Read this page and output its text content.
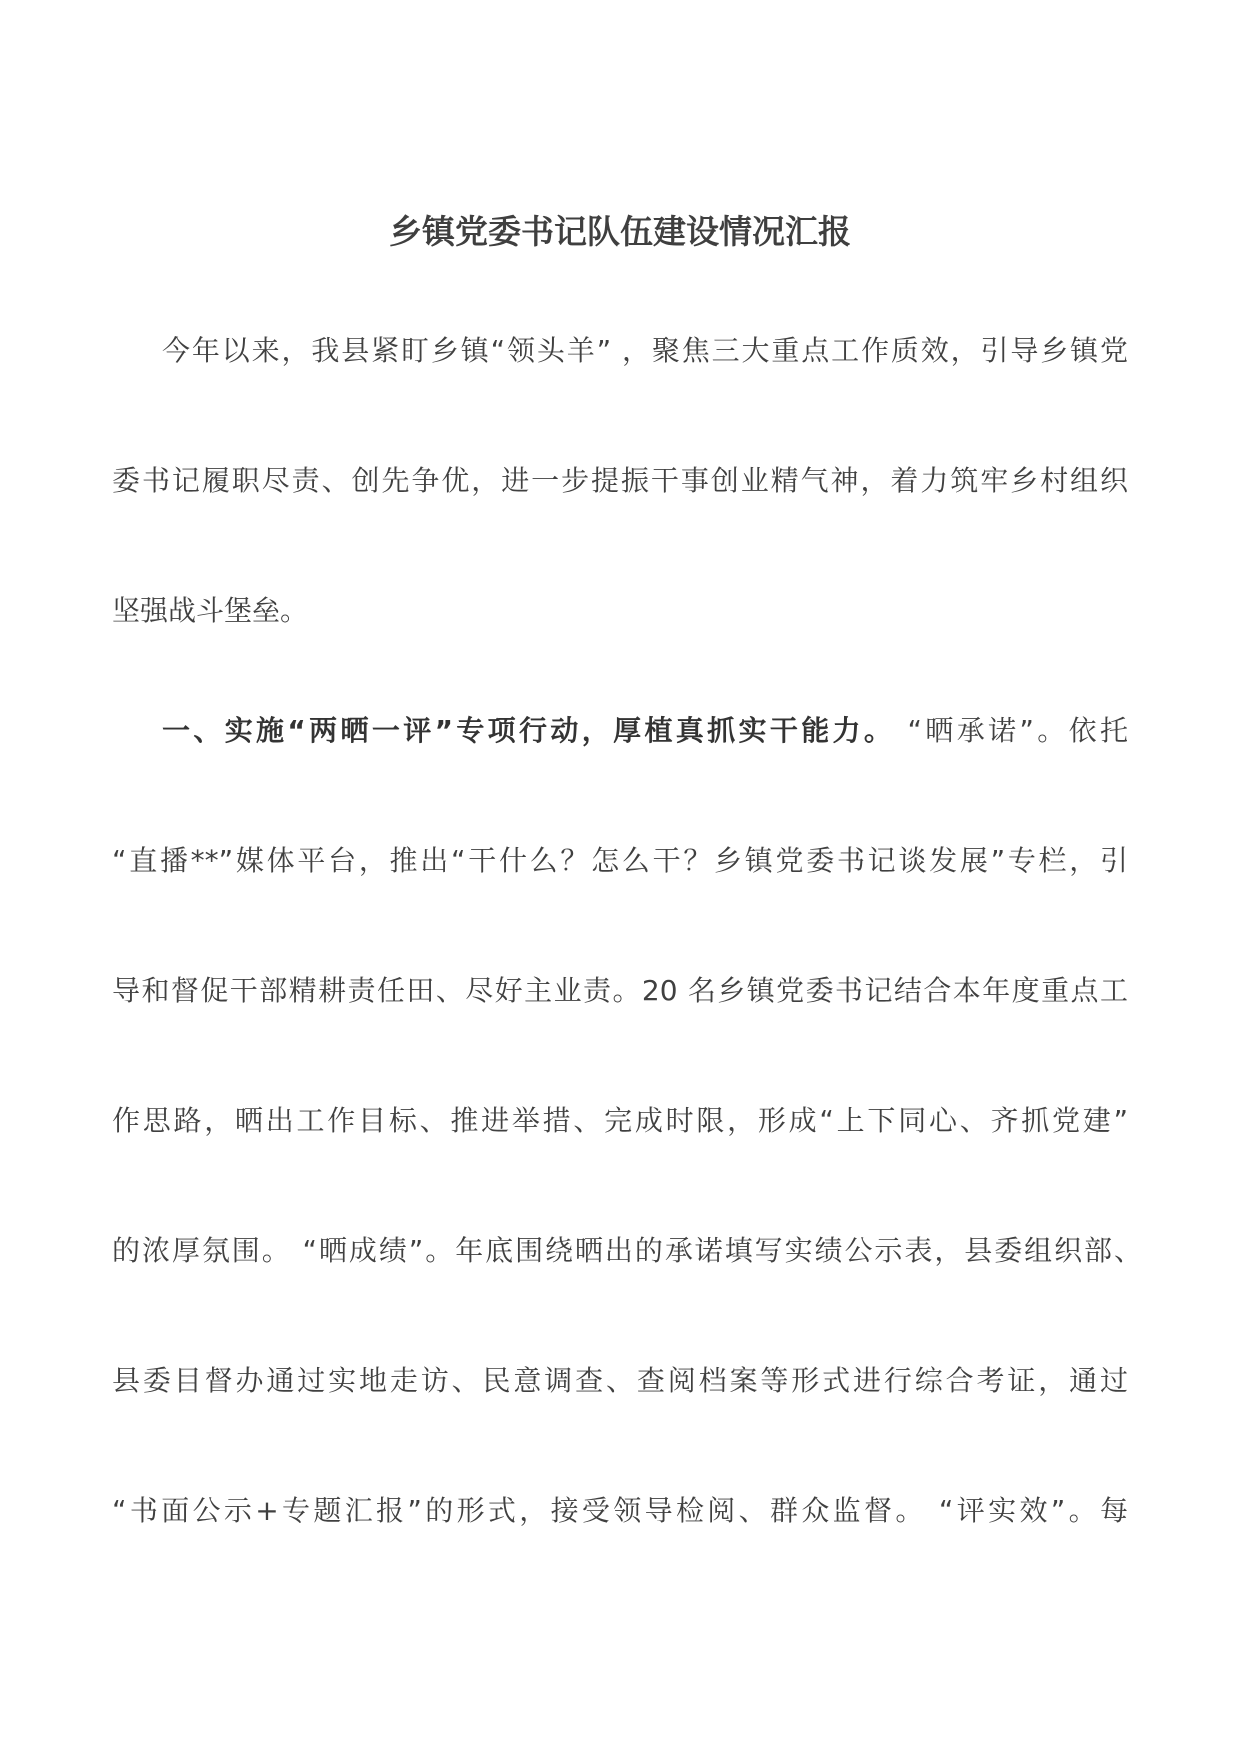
乡镇党委书记队伍建设情况汇报
今年以来，我县紧盯乡镇“领头羊” ，聚焦三大重点工作质效，引导乡镇党
委书记履职尽责、创先争优，进一步提振干事创业精气神，着力筑牢乡村组织
坚强战斗堡垒。
一、实施“两晒一评”专项行动，厚植真抓实干能力。 “晒承诺”。依托
“直播**”媒体平台，推出“干什么？怎么干？乡镇党委书记谈发展”专栏，引
导和督促干部精耕责任田、尽好主业责。20 名乡镇党委书记结合本年度重点工
作思路，晒出工作目标、推进举措、完成时限，形成“上下同心、齐抓党建”
的浓厚氛围。 “晒成绩”。年底围绕晒出的承诺填写实绩公示表，县委组织部、
县委目督办通过实地走访、民意调查、查阅档案等形式进行综合考证，通过
“书面公示+专题汇报”的形式，接受领导检阅、群众监督。 “评实效”。每
